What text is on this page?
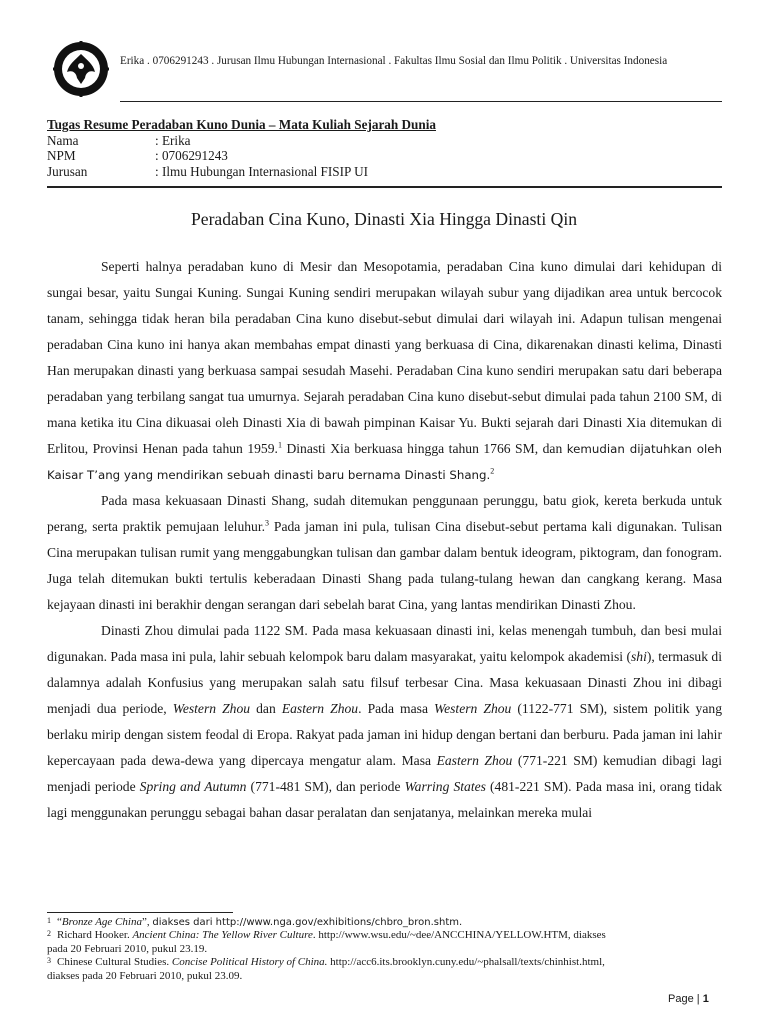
Erika . 0706291243 . Jurusan Ilmu Hubungan Internasional . Fakultas Ilmu Sosial dan Ilmu Politik . Universitas Indonesia
Tugas Resume Peradaban Kuno Dunia – Mata Kuliah Sejarah Dunia
Nama	: Erika
NPM	: 0706291243
Jurusan	: Ilmu Hubungan Internasional FISIP UI
Peradaban Cina Kuno, Dinasti Xia Hingga Dinasti Qin

Seperti halnya peradaban kuno di Mesir dan Mesopotamia, peradaban Cina kuno dimulai dari kehidupan di sungai besar, yaitu Sungai Kuning. Sungai Kuning sendiri merupakan wilayah subur yang dijadikan area untuk bercocok tanam, sehingga tidak heran bila peradaban Cina kuno disebut-sebut dimulai dari wilayah ini. Adapun tulisan mengenai peradaban Cina kuno ini hanya akan membahas empat dinasti yang berkuasa di Cina, dikarenakan dinasti kelima, Dinasti Han merupakan dinasti yang berkuasa sampai sesudah Masehi. Peradaban Cina kuno sendiri merupakan satu dari beberapa peradaban yang terbilang sangat tua umurnya. Sejarah peradaban Cina kuno disebut-sebut dimulai pada tahun 2100 SM, di mana ketika itu Cina dikuasai oleh Dinasti Xia di bawah pimpinan Kaisar Yu. Bukti sejarah dari Dinasti Xia ditemukan di Erlitou, Provinsi Henan pada tahun 1959.$^1$ Dinasti Xia berkuasa hingga tahun 1766 SM, dan kemudian dijatuhkan oleh Kaisar T’ang yang mendirikan sebuah dinasti baru bernama Dinasti Shang.$^2$

Pada masa kekuasaan Dinasti Shang, sudah ditemukan penggunaan perunggu, batu giok, kereta berkuda untuk perang, serta praktik pemujaan leluhur.$^3$ Pada jaman ini pula, tulisan Cina disebut-sebut pertama kali digunakan. Tulisan Cina merupakan tulisan rumit yang menggabungkan tulisan dan gambar dalam bentuk ideogram, piktogram, dan fonogram. Juga telah ditemukan bukti tertulis keberadaan Dinasti Shang pada tulang-tulang hewan dan cangkang kerang. Masa kejayaan dinasti ini berakhir dengan serangan dari sebelah barat Cina, yang lantas mendirikan Dinasti Zhou.

Dinasti Zhou dimulai pada 1122 SM. Pada masa kekuasaan dinasti ini, kelas menengah tumbuh, dan besi mulai digunakan. Pada masa ini pula, lahir sebuah kelompok baru dalam masyarakat, yaitu kelompok akademisi (shi), termasuk di dalamnya adalah Konfusius yang merupakan salah satu filsuf terbesar Cina. Masa kekuasaan Dinasti Zhou ini dibagi menjadi dua periode, Western Zhou dan Eastern Zhou. Pada masa Western Zhou (1122-771 SM), sistem politik yang berlaku mirip dengan sistem feodal di Eropa. Rakyat pada jaman ini hidup dengan bertani dan berburu. Pada jaman ini lahir kepercayaan pada dewa-dewa yang dipercaya mengatur alam. Masa Eastern Zhou (771-221 SM) kemudian dibagi lagi menjadi periode Spring and Autumn (771-481 SM), dan periode Warring States (481-221 SM). Pada masa ini, orang tidak lagi menggunakan perunggu sebagai bahan dasar peralatan dan senjatanya, melainkan mereka mulai

1 “Bronze Age China”, diakses dari http://www.nga.gov/exhibitions/chbro_bron.shtm.
2 Richard Hooker. Ancient China: The Yellow River Culture. http://www.wsu.edu/~dee/ANCCHINA/YELLOW.HTM, diakses
pada 20 Februari 2010, pukul 23.19.
3 Chinese Cultural Studies. Concise Political History of China. http://acc6.its.brooklyn.cuny.edu/~phalsall/texts/chinhist.html,
diakses pada 20 Februari 2010, pukul 23.09.
Page | 1
